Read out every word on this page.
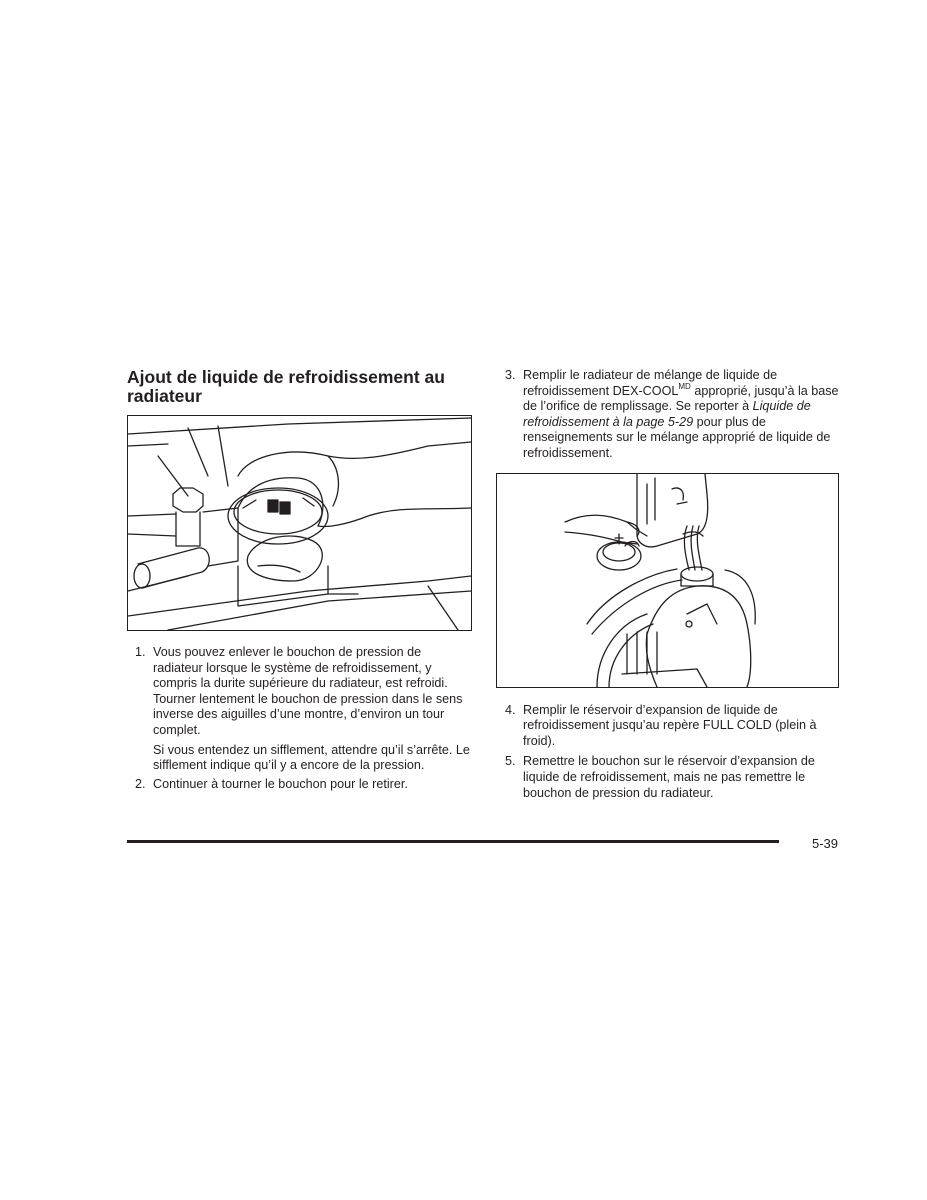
Ajout de liquide de refroidissement au radiateur
1. Vous pouvez enlever le bouchon de pression de radiateur lorsque le système de refroidissement, y compris la durite supérieure du radiateur, est refroidi. Tourner lentement le bouchon de pression dans le sens inverse des aiguilles d’une montre, d’environ un tour complet.

Si vous entendez un sifflement, attendre qu’il s’arrête. Le sifflement indique qu’il y a encore de la pression.

2. Continuer à tourner le bouchon pour le retirer.
3. Remplir le radiateur de mélange de liquide de refroidissement DEX-$COOL^{MD}$ approprié, jusqu’à la base de l’orifice de remplissage. Se reporter à Liquide de refroidissement à la page 5-29 pour plus de renseignements sur le mélange approprié de liquide de refroidissement.
4. Remplir le réservoir d’expansion de liquide de refroidissement jusqu’au repère FULL COLD (plein à froid).
5. Remettre le bouchon sur le réservoir d’expansion de liquide de refroidissement, mais ne pas remettre le bouchon de pression du radiateur.
5-39
